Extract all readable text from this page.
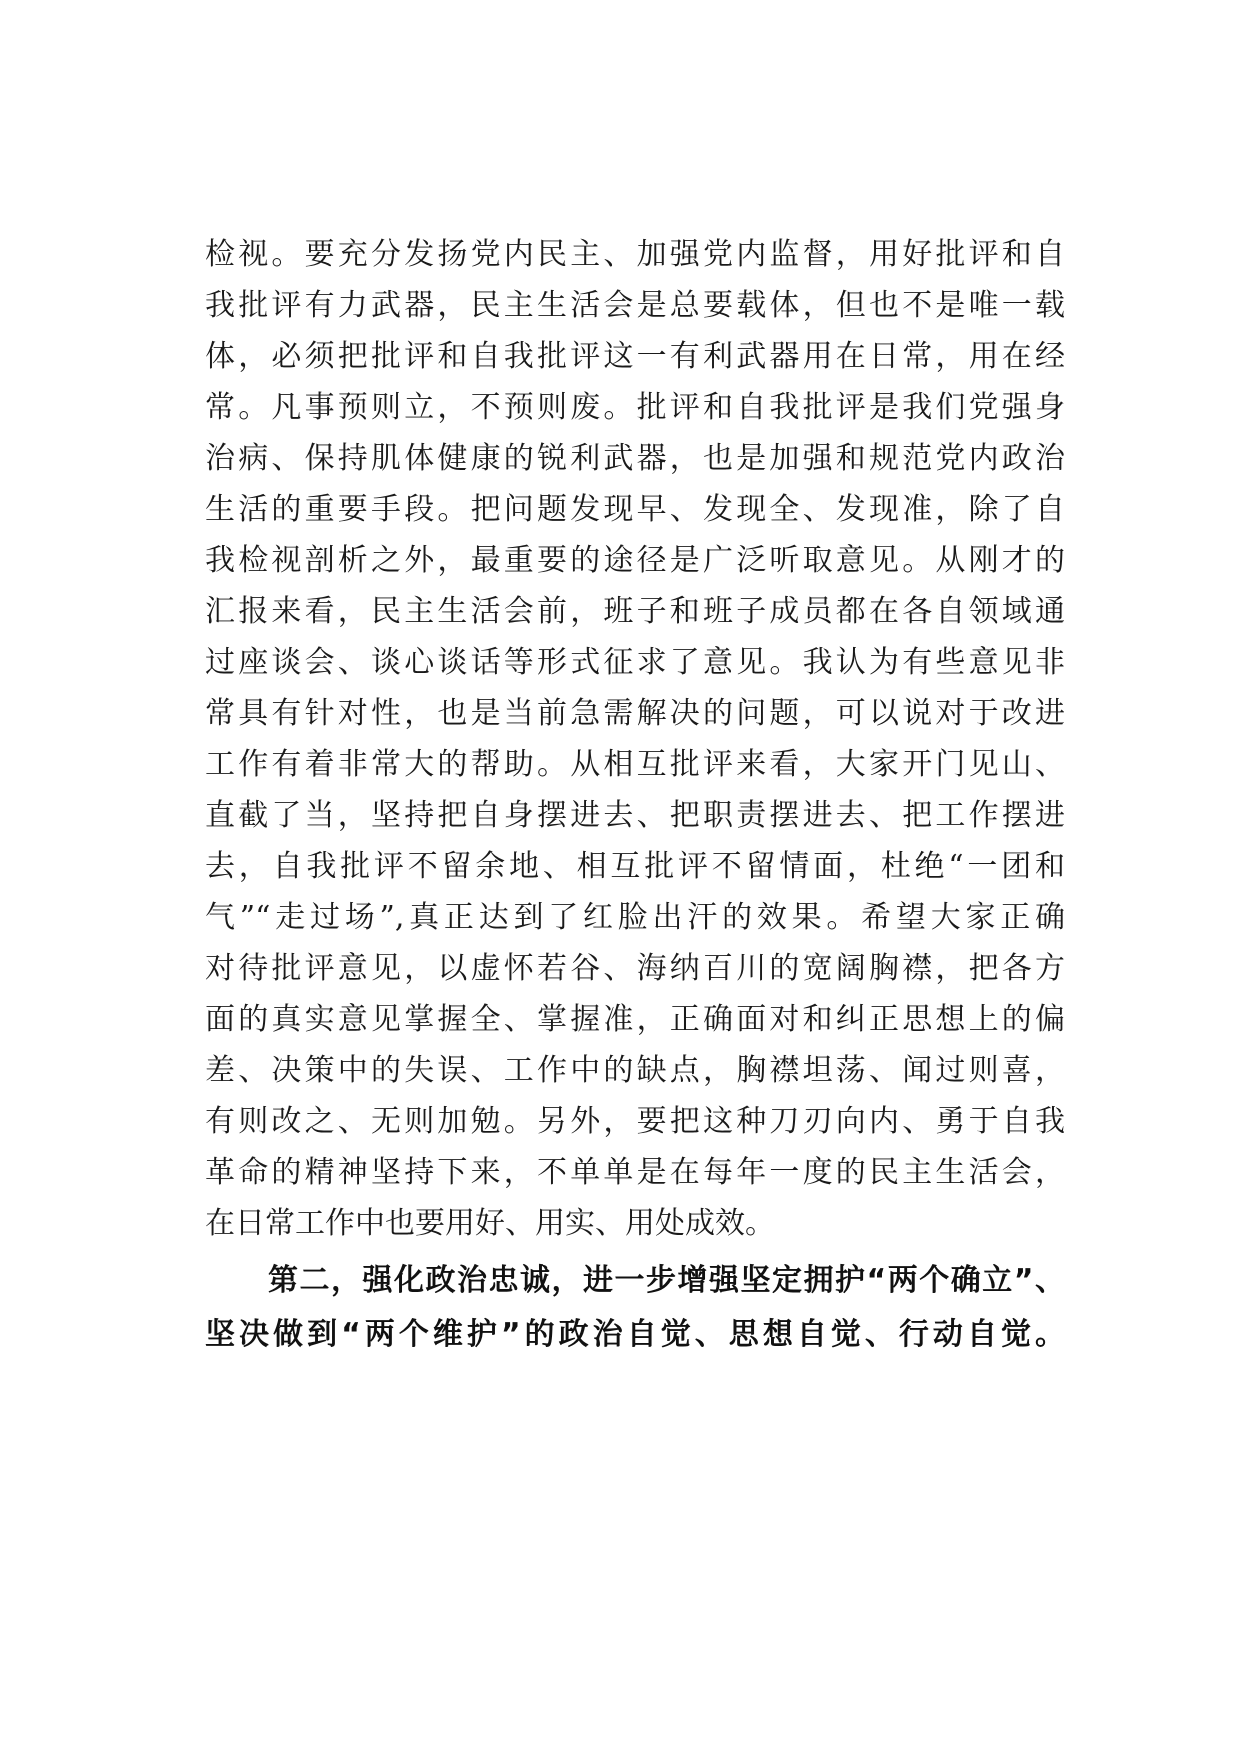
检视。要充分发扬党内民主、加强党内监督，用好批评和自
我批评有力武器，民主生活会是总要载体，但也不是唯一载
体，必须把批评和自我批评这一有利武器用在日常，用在经
常。凡事预则立，不预则废。批评和自我批评是我们党强身
治病、保持肌体健康的锐利武器，也是加强和规范党内政治
生活的重要手段。把问题发现早、发现全、发现准，除了自
我检视剖析之外，最重要的途径是广泛听取意见。从刚才的
汇报来看，民主生活会前，班子和班子成员都在各自领域通
过座谈会、谈心谈话等形式征求了意见。我认为有些意见非
常具有针对性，也是当前急需解决的问题，可以说对于改进
工作有着非常大的帮助。从相互批评来看，大家开门见山、
直截了当，坚持把自身摆进去、把职责摆进去、把工作摆进
去，自我批评不留余地、相互批评不留情面，杜绝“一团和
气”“走过场”,真正达到了红脸出汗的效果。希望大家正确
对待批评意见，以虚怀若谷、海纳百川的宽阔胸襟，把各方
面的真实意见掌握全、掌握准，正确面对和纠正思想上的偏
差、决策中的失误、工作中的缺点，胸襟坦荡、闻过则喜，
有则改之、无则加勉。另外，要把这种刀刃向内、勇于自我
革命的精神坚持下来，不单单是在每年一度的民主生活会，
在日常工作中也要用好、用实、用处成效。
第二，强化政治忠诚，进一步增强坚定拥护“两个确立”、
坚决做到“两个维护”的政治自觉、思想自觉、行动自觉。
